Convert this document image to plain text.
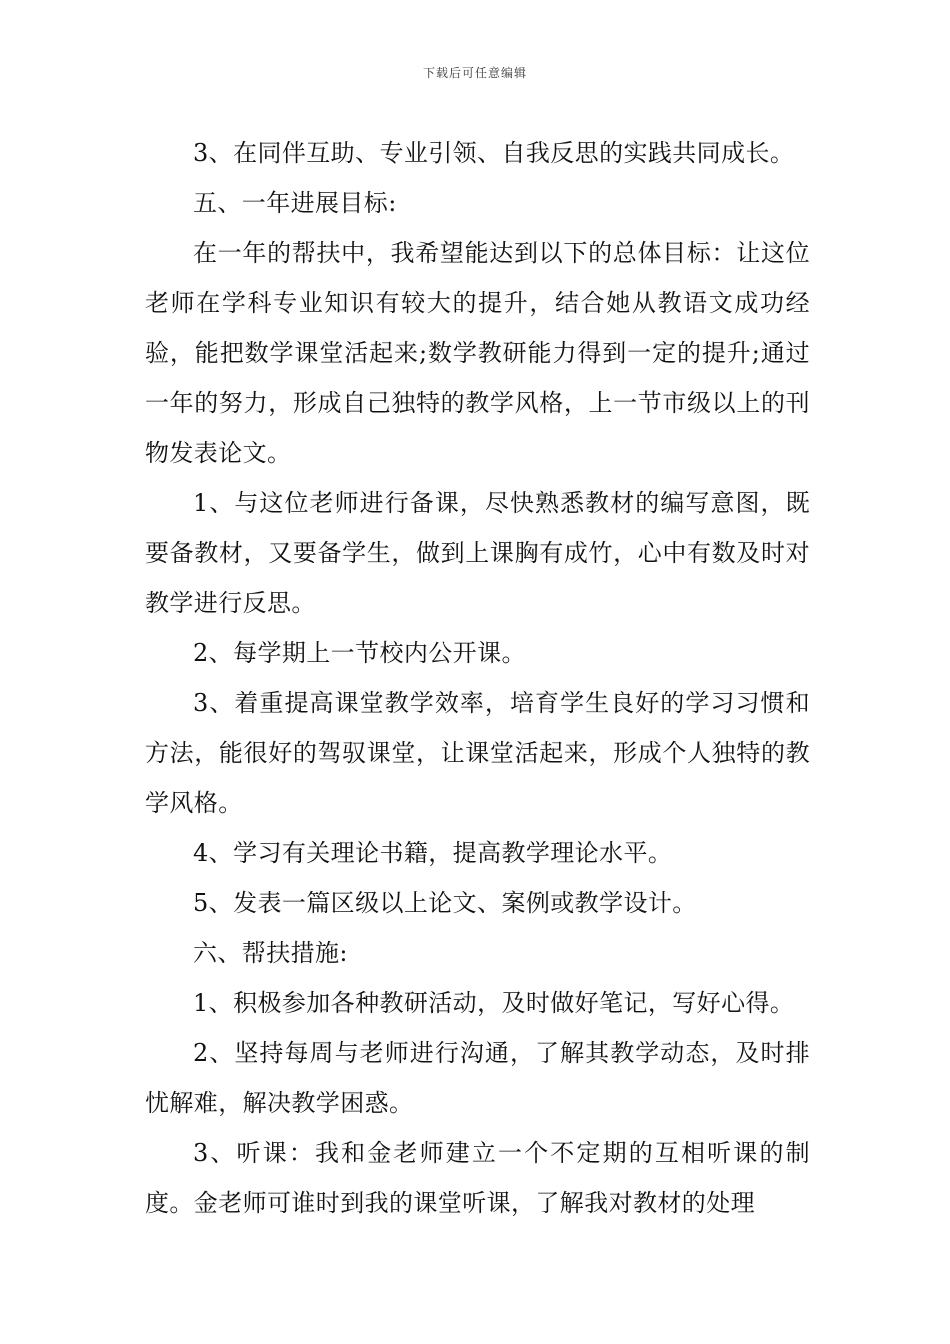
下载后可任意编辑

3、在同伴互助、专业引领、自我反思的实践共同成长。

五、一年进展目标:

在一年的帮扶中，我希望能达到以下的总体目标：让这位老师在学科专业知识有较大的提升，结合她从教语文成功经验，能把数学课堂活起来;数学教研能力得到一定的提升;通过一年的努力，形成自己独特的教学风格，上一节市级以上的刊物发表论文。

1、与这位老师进行备课，尽快熟悉教材的编写意图，既要备教材，又要备学生，做到上课胸有成竹，心中有数及时对教学进行反思。

2、每学期上一节校内公开课。

3、着重提高课堂教学效率，培育学生良好的学习习惯和方法，能很好的驾驭课堂，让课堂活起来，形成个人独特的教学风格。

4、学习有关理论书籍，提高教学理论水平。

5、发表一篇区级以上论文、案例或教学设计。

六、帮扶措施:

1、积极参加各种教研活动，及时做好笔记，写好心得。

2、坚持每周与老师进行沟通，了解其教学动态，及时排忧解难，解决教学困惑。

3、听课：我和金老师建立一个不定期的互相听课的制度。金老师可谁时到我的课堂听课，了解我对教材的处理
